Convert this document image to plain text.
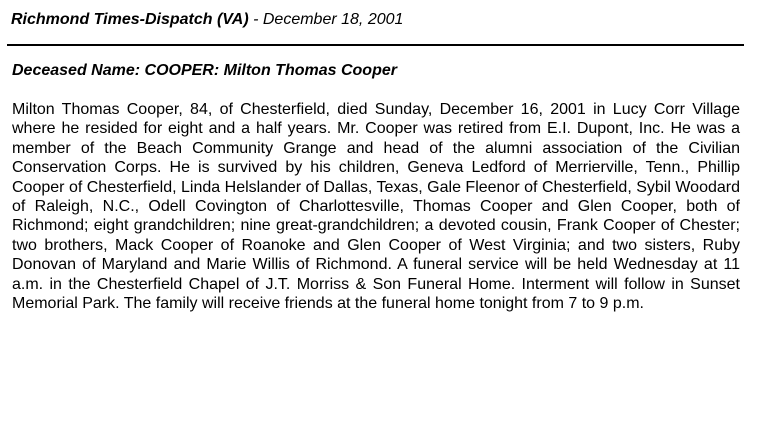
Richmond Times-Dispatch (VA) - December 18, 2001
Deceased Name: COOPER: Milton Thomas Cooper
Milton Thomas Cooper, 84, of Chesterfield, died Sunday, December 16, 2001 in Lucy Corr Village where he resided for eight and a half years. Mr. Cooper was retired from E.I. Dupont, Inc. He was a member of the Beach Community Grange and head of the alumni association of the Civilian Conservation Corps. He is survived by his children, Geneva Ledford of Merrierville, Tenn., Phillip Cooper of Chesterfield, Linda Helslander of Dallas, Texas, Gale Fleenor of Chesterfield, Sybil Woodard of Raleigh, N.C., Odell Covington of Charlottesville, Thomas Cooper and Glen Cooper, both of Richmond; eight grandchildren; nine great-grandchildren; a devoted cousin, Frank Cooper of Chester; two brothers, Mack Cooper of Roanoke and Glen Cooper of West Virginia; and two sisters, Ruby Donovan of Maryland and Marie Willis of Richmond. A funeral service will be held Wednesday at 11 a.m. in the Chesterfield Chapel of J.T. Morriss & Son Funeral Home. Interment will follow in Sunset Memorial Park. The family will receive friends at the funeral home tonight from 7 to 9 p.m.
